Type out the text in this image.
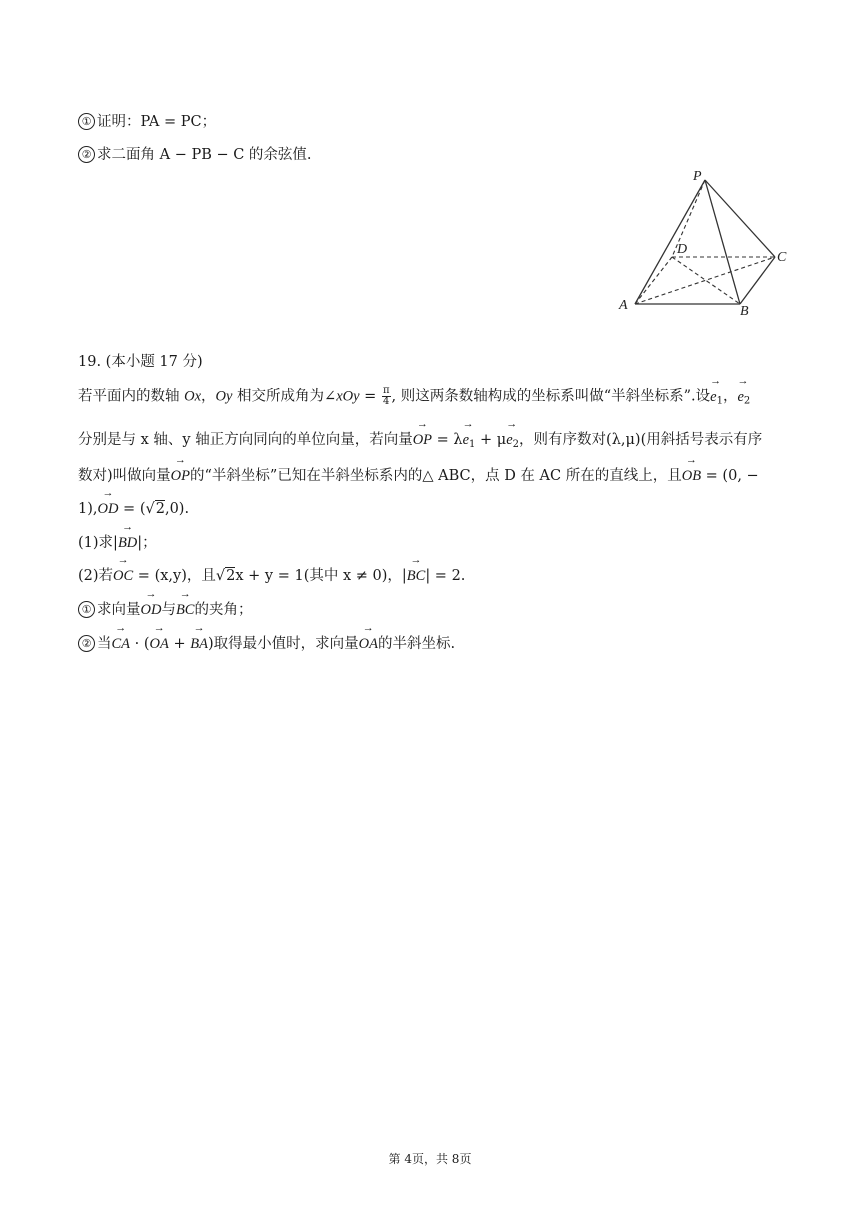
① 证明：PA = PC；
② 求二面角 A − PB − C 的余弦值.
P
A	B
C
D
19. (本小题 17 分)
若平面内的数轴 Ox，Oy 相交所成角为∠xOy = $\frac{\pi}{4}$ , 则这两条数轴构成的坐标系叫做“半斜坐标系”.设→ $e_1$，→ $e_2$
分别是与 x 轴、y 轴正方向同向的单位向量，若向量→ OP = $\lambda\to e_1 + \mu\to e_2$，则有序数对(λ,μ)(用斜括号表示有序
数对)叫做向量→ OP的“半斜坐标”已知在半斜坐标系内的△ ABC，点 D 在 AC 所在的直线上，且→ OB = (0, −
1),→ OD = (√2,0).
(1)求|→ BD|；
(2)若→ OC = (x,y)，且√2x + y = 1(其中 x ≠ 0)，|→ BC| = 2.
① 求向量→ OD与→ BC的夹角；
② 当→ CA · (→ OA + → BA)取得最小值时，求向量→ OA的半斜坐标.
第 4页，共 8页
